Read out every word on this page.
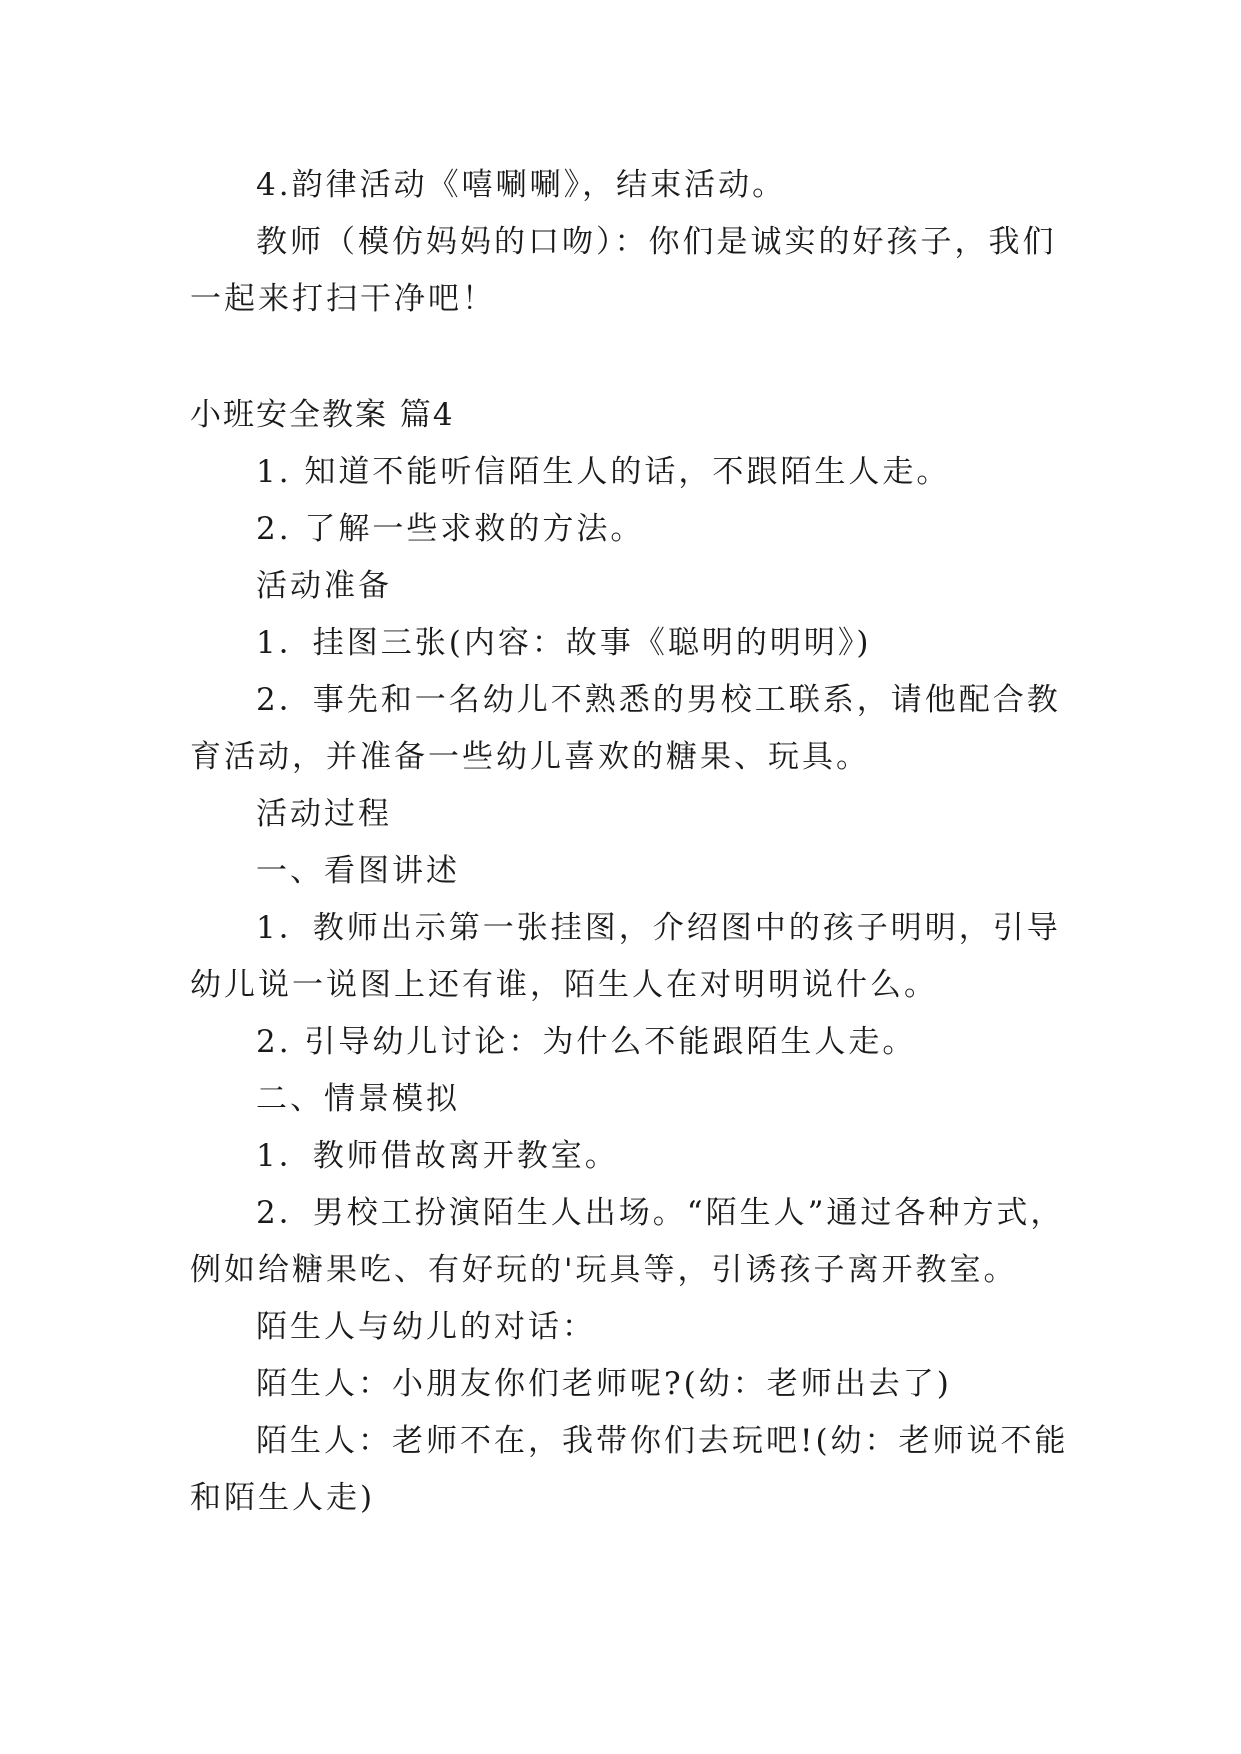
4.韵律活动《嘻唰唰》，结束活动。
教师（模仿妈妈的口吻）：你们是诚实的好孩子，我们
一起来打扫干净吧！
小班安全教案 篇4
1. 知道不能听信陌生人的话，不跟陌生人走。
2. 了解一些求救的方法。
活动准备
1．挂图三张(内容：故事《聪明的明明》)
2．事先和一名幼儿不熟悉的男校工联系，请他配合教
育活动，并准备一些幼儿喜欢的糖果、玩具。
活动过程
一、看图讲述
1．教师出示第一张挂图，介绍图中的孩子明明，引导
幼儿说一说图上还有谁，陌生人在对明明说什么。
2. 引导幼儿讨论：为什么不能跟陌生人走。
二、情景模拟
1．教师借故离开教室。
2．男校工扮演陌生人出场。“陌生人”通过各种方式，
例如给糖果吃、有好玩的'玩具等，引诱孩子离开教室。
陌生人与幼儿的对话：
陌生人：小朋友你们老师呢?(幼：老师出去了)
陌生人：老师不在，我带你们去玩吧!(幼：老师说不能
和陌生人走)
